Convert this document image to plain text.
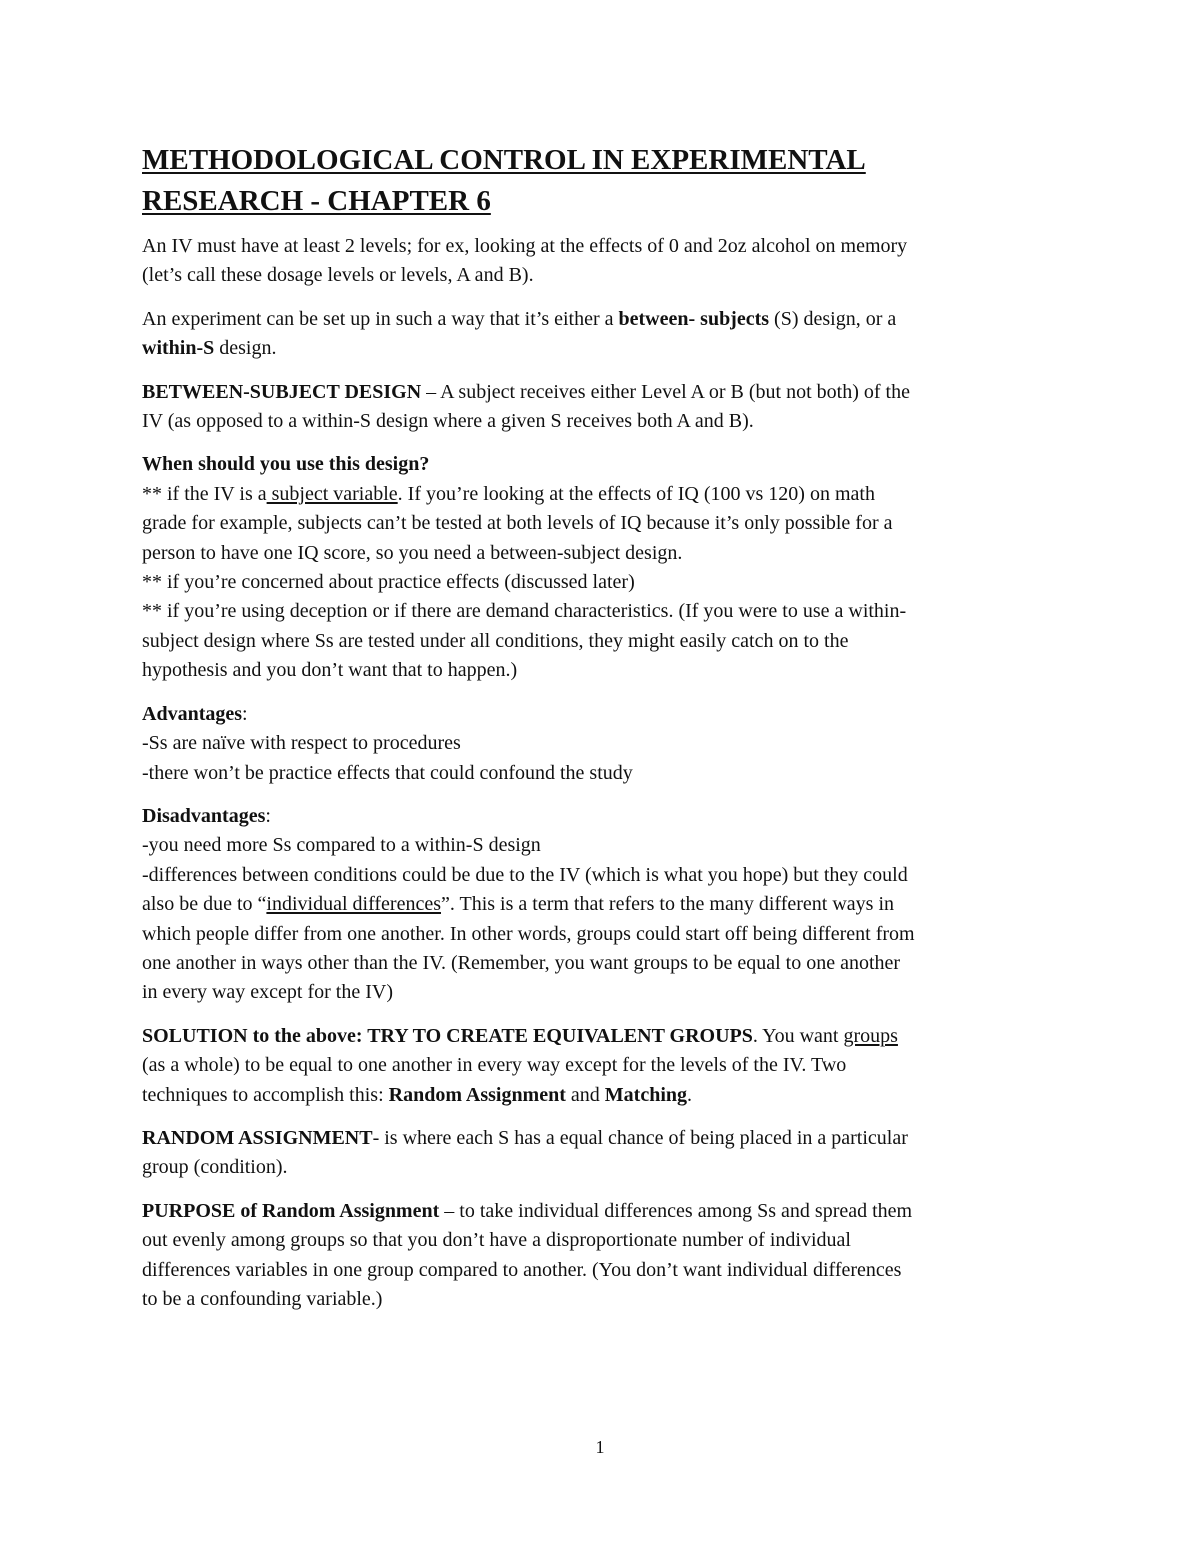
METHODOLOGICAL CONTROL IN EXPERIMENTAL
RESEARCH - CHAPTER 6

An IV must have at least 2 levels; for ex, looking at the effects of 0 and 2oz alcohol on memory
(let’s call these dosage levels or levels, A and B).

An experiment can be set up in such a way that it’s either a between- subjects (S) design, or a
within-S design.

BETWEEN-SUBJECT DESIGN – A subject receives either Level A or B (but not both) of the
IV (as opposed to a within-S design where a given S receives both A and B).

When should you use this design?
** if the IV is a subject variable. If you’re looking at the effects of IQ (100 vs 120) on math
grade for example, subjects can’t be tested at both levels of IQ because it’s only possible for a
person to have one IQ score, so you need a between-subject design.
** if you’re concerned about practice effects (discussed later)
** if you’re using deception or if there are demand characteristics. (If you were to use a within-
subject design where Ss are tested under all conditions, they might easily catch on to the
hypothesis and you don’t want that to happen.)

Advantages:
-Ss are naïve with respect to procedures
-there won’t be practice effects that could confound the study

Disadvantages:
-you need more Ss compared to a within-S design
-differences between conditions could be due to the IV (which is what you hope) but they could
also be due to “individual differences”. This is a term that refers to the many different ways in
which people differ from one another. In other words, groups could start off being different from
one another in ways other than the IV. (Remember, you want groups to be equal to one another
in every way except for the IV)

SOLUTION to the above: TRY TO CREATE EQUIVALENT GROUPS. You want groups
(as a whole) to be equal to one another in every way except for the levels of the IV. Two
techniques to accomplish this: Random Assignment and Matching.

RANDOM ASSIGNMENT- is where each S has a equal chance of being placed in a particular
group (condition).

PURPOSE of Random Assignment – to take individual differences among Ss and spread them
out evenly among groups so that you don’t have a disproportionate number of individual
differences variables in one group compared to another. (You don’t want individual differences
to be a confounding variable.)

1
